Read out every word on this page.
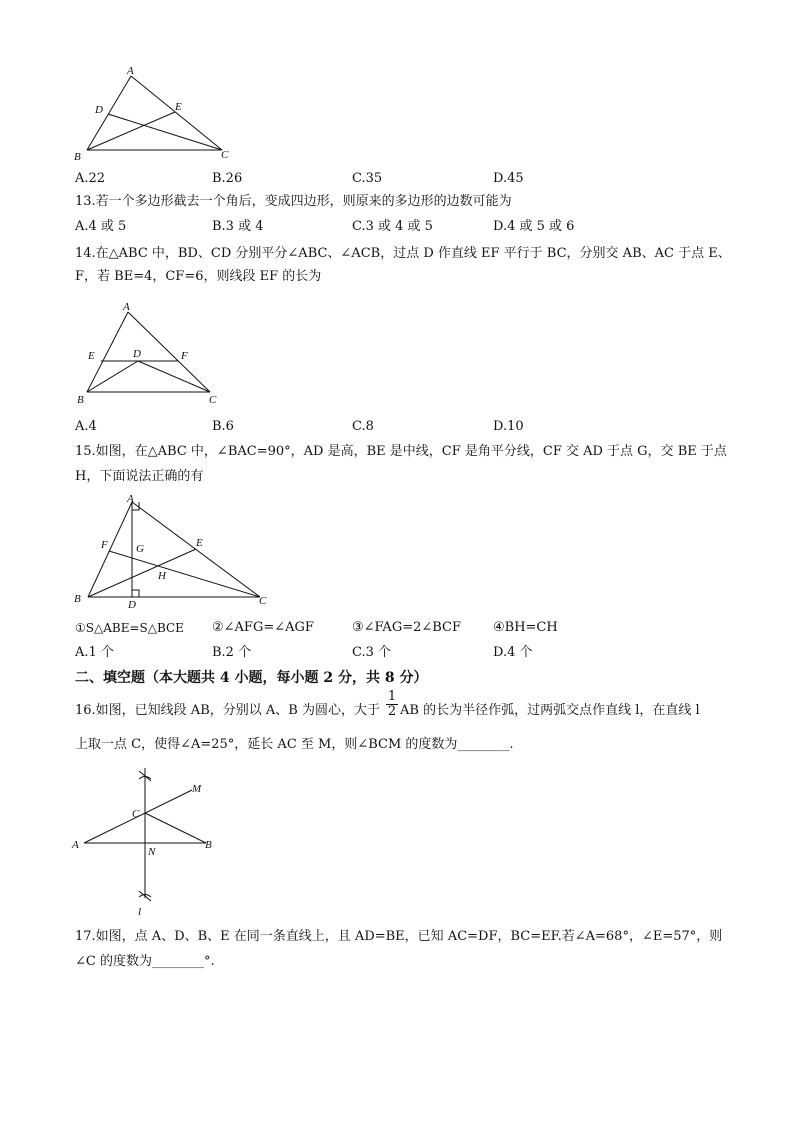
A
D	E
B	C
A.22	B.26	C.35	D.45
13.若一个多边形截去一个角后，变成四边形，则原来的多边形的边数可能为
A.4 或 5	B.3 或 4	C.3 或 4 或 5	D.4 或 5 或 6
14.在△ABC 中，BD、CD 分别平分∠ABC、∠ACB，过点 D 作直线 EF 平行于 BC，分别交 AB、AC 于点 E、
F，若 BE=4，CF=6，则线段 EF 的长为
A
E	D	F
B	C
A.4	B.6	C.8	D.10
15.如图，在△ABC 中，∠BAC=90°，AD 是高，BE 是中线，CF 是角平分线，CF 交 AD 于点 G，交 BE 于点
H，下面说法正确的有
A
F	G	E
H
B	D	C
①S△ABE=S△BCE ②∠AFG=∠AGF	③∠FAG=2∠BCF ④BH=CH
A.1 个	B.2 个	C.3 个	D.4 个
二、填空题（本大题共 4 小题，每小题 2 分，共 8 分）
16.如图，已知线段 AB，分别以 A、B 为圆心，大于
1
2 AB 的长为半径作弧，过两弧交点作直线 l，在直线 l
上取一点 C，使得∠A=25°，延长 AC 至 M，则∠BCM 的度数为________.
M
C
A
N
B
l
17.如图，点 A、D、B、E 在同一条直线上，且 AD=BE，已知 AC=DF，BC=EF.若∠A=68°，∠E=57°，则
∠C 的度数为________°.
